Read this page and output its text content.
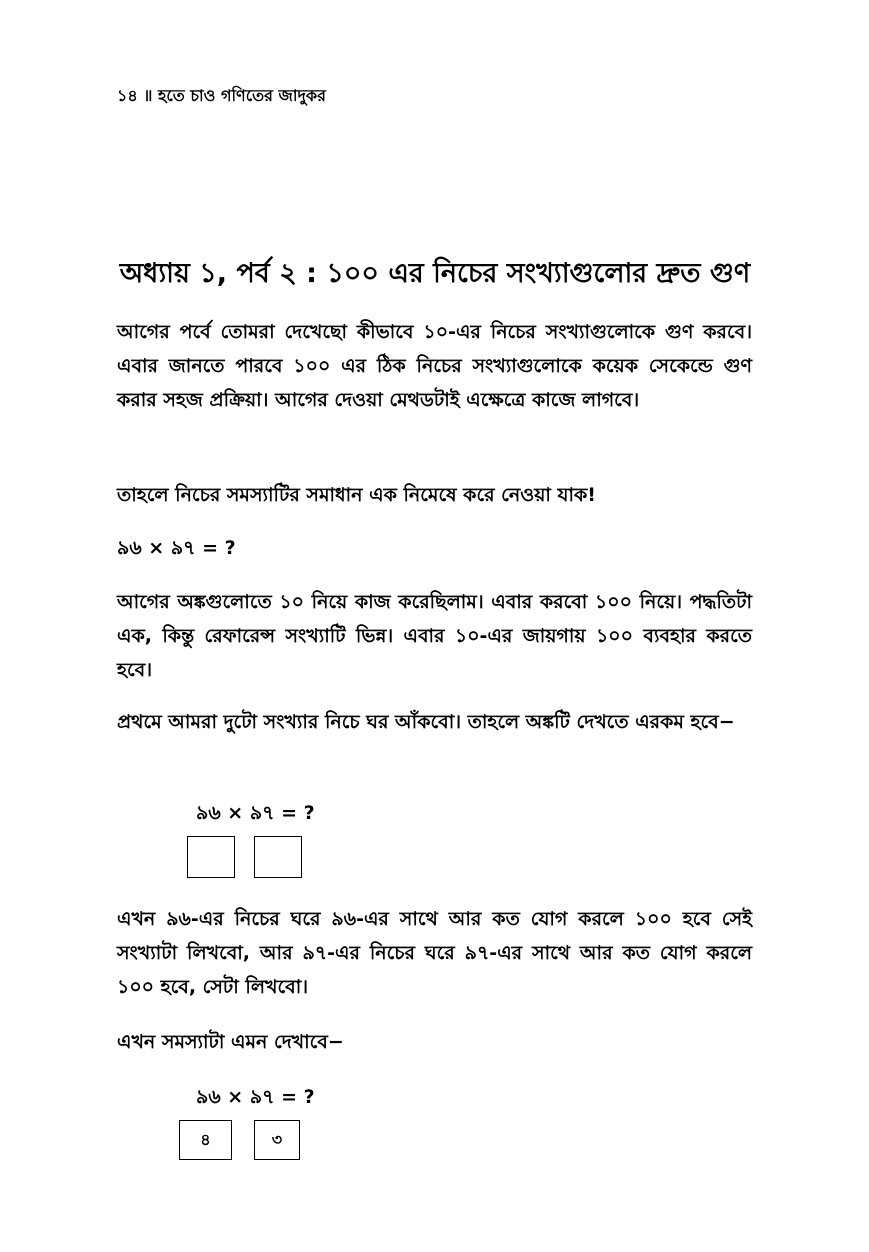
১৪ ॥ হতে চাও গণিতের জাদুকর
অধ্যায় ১, পর্ব ২ : ১০০ এর নিচের সংখ্যাগুলোর দ্রুত গুণ

আগের পর্বে তোমরা দেখেছো কীভাবে ১০-এর নিচের সংখ্যাগুলোকে গুণ করবে। এবার জানতে পারবে ১০০ এর ঠিক নিচের সংখ্যাগুলোকে কয়েক সেকেন্ডে গুণ করার সহজ প্রক্রিয়া। আগের দেওয়া মেথডটাই এক্ষেত্রে কাজে লাগবে।

তাহলে নিচের সমস্যাটির সমাধান এক নিমেষে করে নেওয়া যাক!

৯৬ × ৯৭ = ?

আগের অঙ্কগুলোতে ১০ নিয়ে কাজ করেছিলাম। এবার করবো ১০০ নিয়ে। পদ্ধতিটা এক, কিন্তু রেফারেন্স সংখ্যাটি ভিন্ন। এবার ১০-এর জায়গায় ১০০ ব্যবহার করতে হবে।

প্রথমে আমরা দুটো সংখ্যার নিচে ঘর আঁকবো। তাহলে অঙ্কটি দেখতে এরকম হবে−

৯৬ × ৯৭ = ?

এখন ৯৬-এর নিচের ঘরে ৯৬-এর সাথে আর কত যোগ করলে ১০০ হবে সেই সংখ্যাটা লিখবো, আর ৯৭-এর নিচের ঘরে ৯৭-এর সাথে আর কত যোগ করলে ১০০ হবে, সেটা লিখবো।

এখন সমস্যাটা এমন দেখাবে−

৯৬ × ৯৭ = ?
৪	৩
